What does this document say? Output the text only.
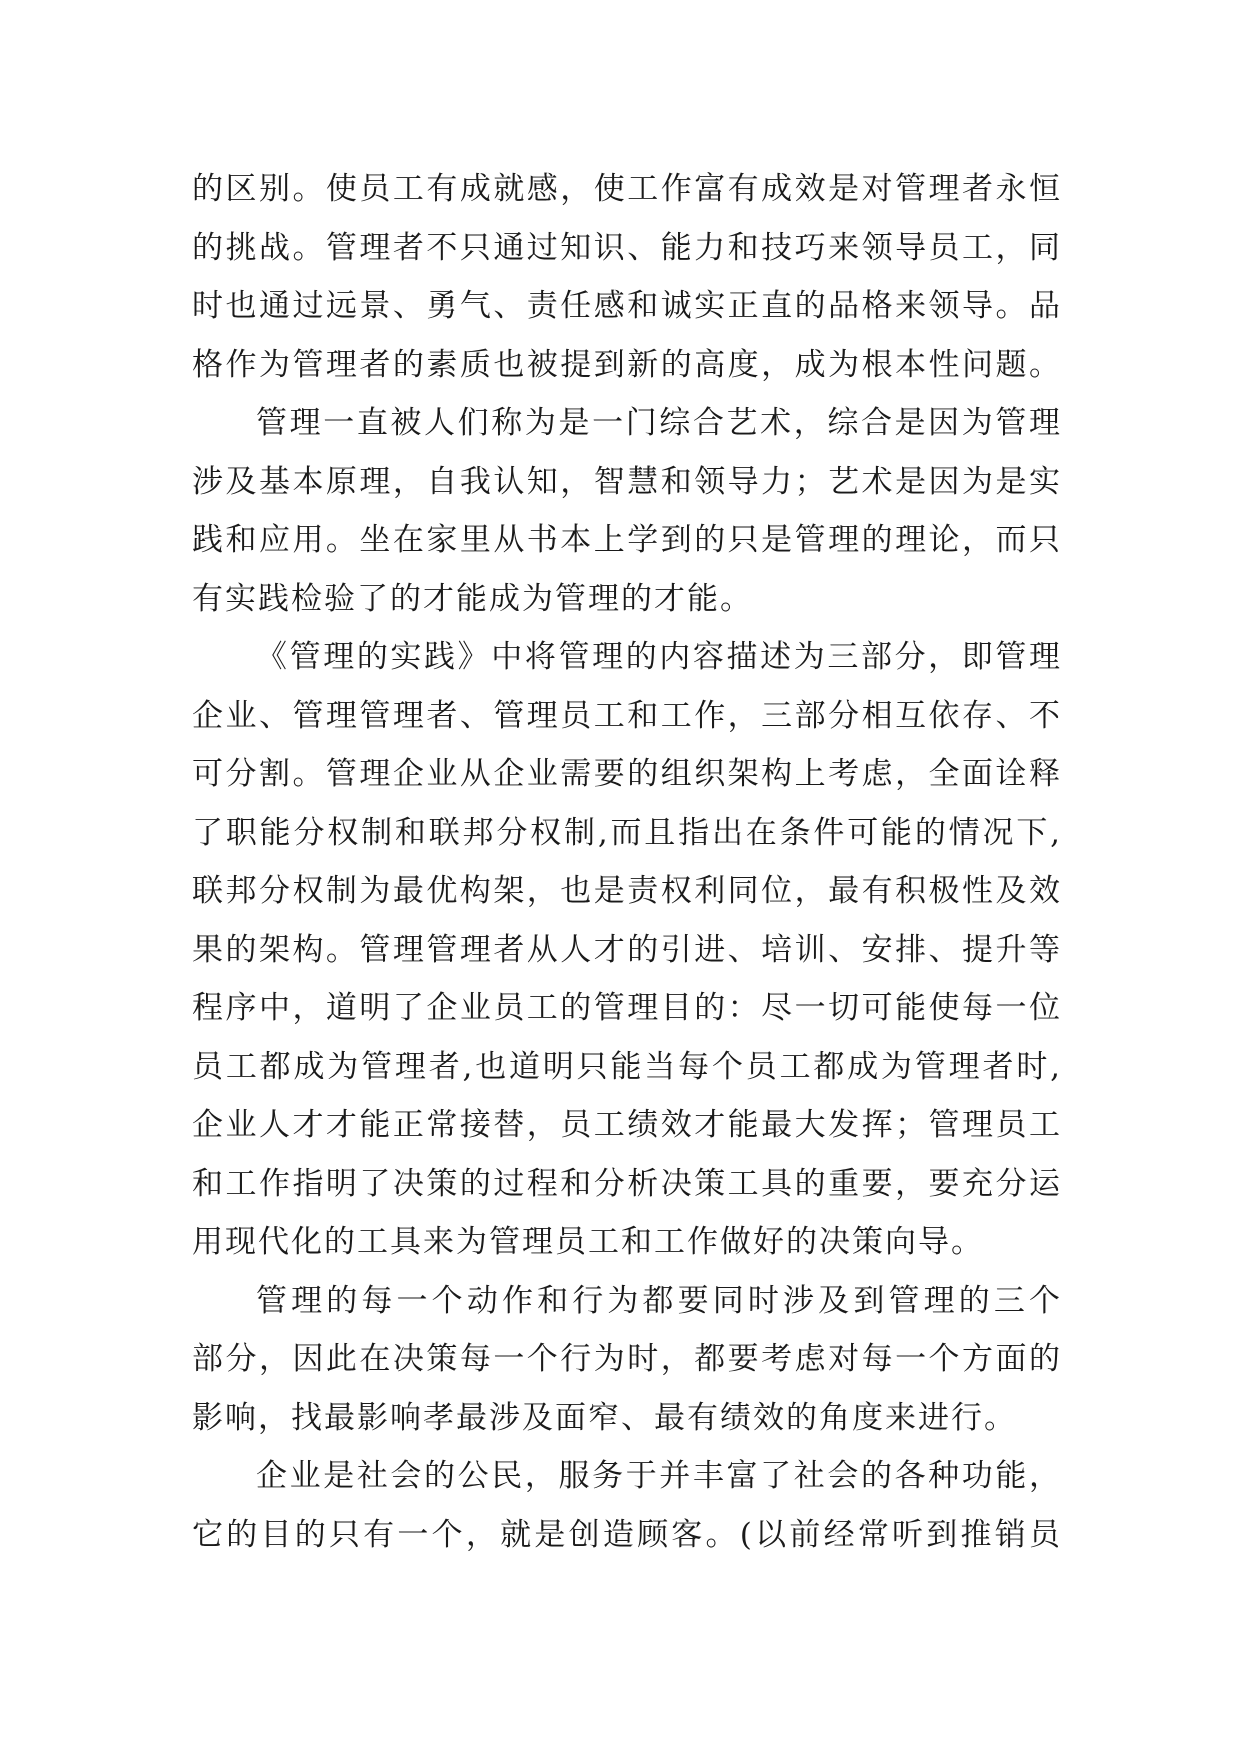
的区别。使员工有成就感，使工作富有成效是对管理者永恒
的挑战。管理者不只通过知识、能力和技巧来领导员工，同
时也通过远景、勇气、责任感和诚实正直的品格来领导。品
格作为管理者的素质也被提到新的高度，成为根本性问题。
管理一直被人们称为是一门综合艺术，综合是因为管理
涉及基本原理，自我认知，智慧和领导力；艺术是因为是实
践和应用。坐在家里从书本上学到的只是管理的理论，而只
有实践检验了的才能成为管理的才能。
《管理的实践》中将管理的内容描述为三部分，即管理
企业、管理管理者、管理员工和工作，三部分相互依存、不
可分割。管理企业从企业需要的组织架构上考虑，全面诠释
了职能分权制和联邦分权制,而且指出在条件可能的情况下,
联邦分权制为最优构架，也是责权利同位，最有积极性及效
果的架构。管理管理者从人才的引进、培训、安排、提升等
程序中，道明了企业员工的管理目的：尽一切可能使每一位
员工都成为管理者,也道明只能当每个员工都成为管理者时,
企业人才才能正常接替，员工绩效才能最大发挥；管理员工
和工作指明了决策的过程和分析决策工具的重要，要充分运
用现代化的工具来为管理员工和工作做好的决策向导。
管理的每一个动作和行为都要同时涉及到管理的三个
部分，因此在决策每一个行为时，都要考虑对每一个方面的
影响，找最影响孝最涉及面窄、最有绩效的角度来进行。
企业是社会的公民，服务于并丰富了社会的各种功能，
它的目的只有一个，就是创造顾客。(以前经常听到推销员
